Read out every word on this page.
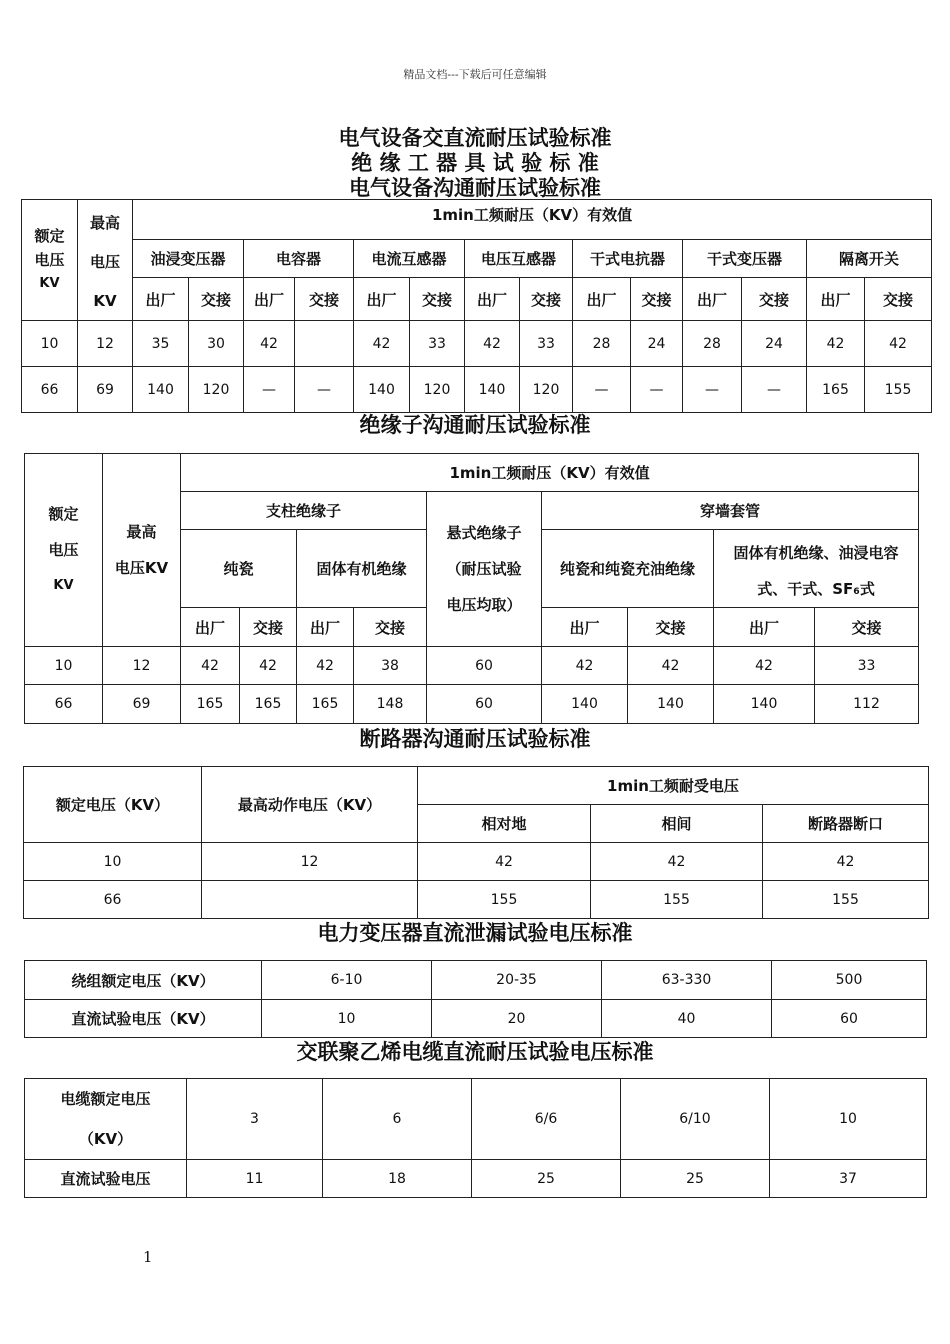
精品文档---下载后可任意编辑
电气设备交直流耐压试验标准
绝 缘 工 器 具 试 验 标 准
电气设备沟通耐压试验标准
额定
电压
KV	最高
电压
KV	1min工频耐压（KV）有效值													
		油浸变压器		电容器		电流互感器		电压互感器		干式电抗器		干式变压器		隔离开关	
		出厂	交接	出厂	交接	出厂	交接	出厂	交接	出厂	交接	出厂	交接	出厂	交接
10	12	35	30	42		42	33	42	33	28	24	28	24	42	42
66	69	140	120	—	—	140	120	140	120	—	—	—	—	165	155
绝缘子沟通耐压试验标准
额定
电压
KV	最高
电压KV	1min工频耐压（KV）有效值								
		支柱绝缘子				悬式绝缘子
（耐压试验
电压均取）	穿墙套管			
		纯瓷		固体有机绝缘			纯瓷和纯瓷充油绝缘		固体有机绝缘、油浸电容
式、干式、SF₆式	

		出厂	交接	出厂	交接		出厂	交接	出厂	交接
10	12	42	42	42	38	60	42	42	42	33
66	69	165	165	165	148	60	140	140	140	112
断路器沟通耐压试验标准
额定电压（KV）	最高动作电压（KV）	1min工频耐受电压		
		相对地	相间	断路器断口
10	12	42	42	42
66		155	155	155
电力变压器直流泄漏试验电压标准
绕组额定电压（KV）	6-10	20-35	63-330	500
直流试验电压（KV）	10	20	40	60
交联聚乙烯电缆直流耐压试验电压标准
电缆额定电压
（KV）	3	6	6/6	6/10	10
直流试验电压	11	18	25	25	37
1
